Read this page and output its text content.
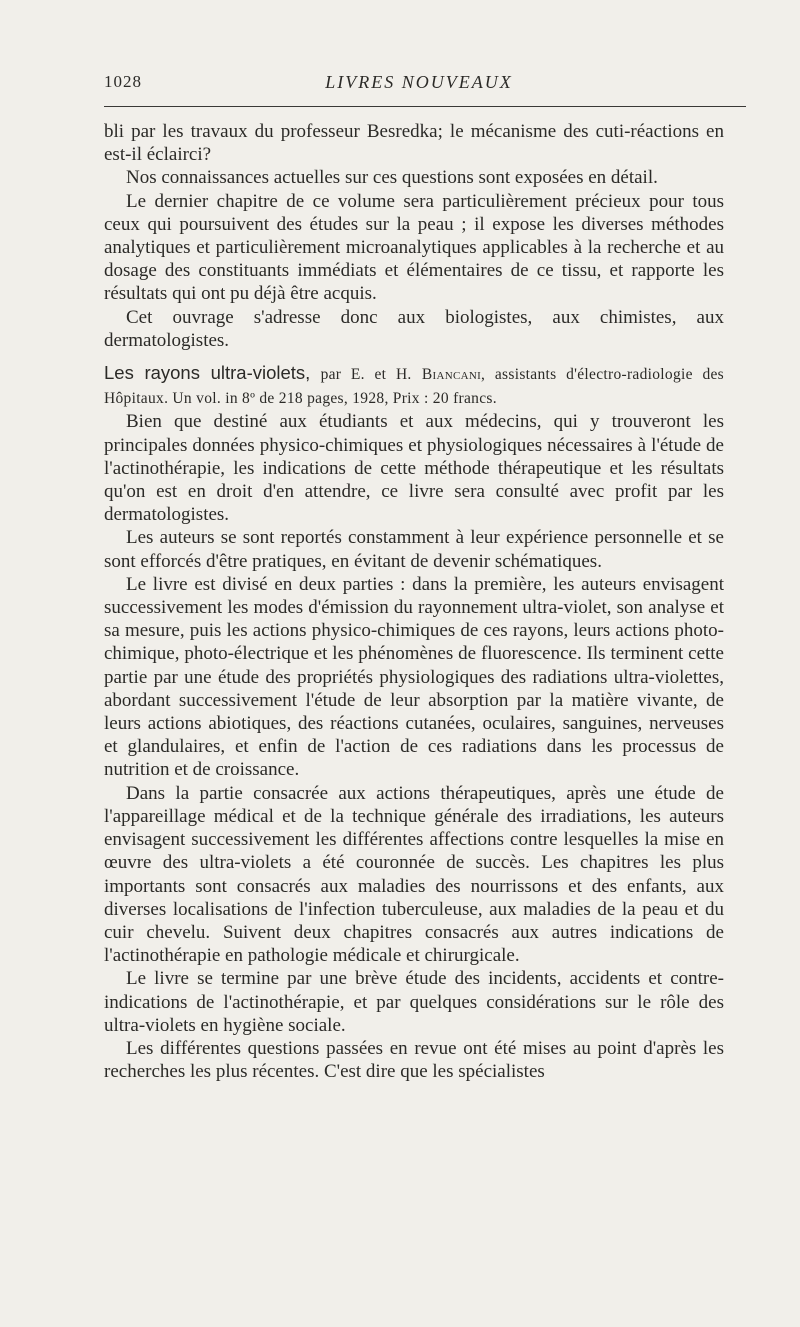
1028	LIVRES NOUVEAUX

bli par les travaux du professeur Besredka; le mécanisme des cuti-réactions en est-il éclairci?

Nos connaissances actuelles sur ces questions sont exposées en détail.

Le dernier chapitre de ce volume sera particulièrement précieux pour tous ceux qui poursuivent des études sur la peau ; il expose les diverses méthodes analytiques et particulièrement microanalytiques applicables à la recherche et au dosage des constituants immédiats et élémentaires de ce tissu, et rapporte les résultats qui ont pu déjà être acquis.

Cet ouvrage s'adresse donc aux biologistes, aux chimistes, aux dermatologistes.

Les rayons ultra-violets, par E. et H. Biancani, assistants d'électro-radiologie des Hôpitaux. Un vol. in 8º de 218 pages, 1928, Prix : 20 francs.

Bien que destiné aux étudiants et aux médecins, qui y trouveront les principales données physico-chimiques et physiologiques nécessaires à l'étude de l'actinothérapie, les indications de cette méthode thérapeutique et les résultats qu'on est en droit d'en attendre, ce livre sera consulté avec profit par les dermatologistes.

Les auteurs se sont reportés constamment à leur expérience personnelle et se sont efforcés d'être pratiques, en évitant de devenir schématiques.

Le livre est divisé en deux parties : dans la première, les auteurs envisagent successivement les modes d'émission du rayonnement ultra-violet, son analyse et sa mesure, puis les actions physico-chimiques de ces rayons, leurs actions photo-chimique, photo-électrique et les phénomènes de fluorescence. Ils terminent cette partie par une étude des propriétés physiologiques des radiations ultra-violettes, abordant successivement l'étude de leur absorption par la matière vivante, de leurs actions abiotiques, des réactions cutanées, oculaires, sanguines, nerveuses et glandulaires, et enfin de l'action de ces radiations dans les processus de nutrition et de croissance.

Dans la partie consacrée aux actions thérapeutiques, après une étude de l'appareillage médical et de la technique générale des irradiations, les auteurs envisagent successivement les différentes affections contre lesquelles la mise en œuvre des ultra-violets a été couronnée de succès. Les chapitres les plus importants sont consacrés aux maladies des nourrissons et des enfants, aux diverses localisations de l'infection tuberculeuse, aux maladies de la peau et du cuir chevelu. Suivent deux chapitres consacrés aux autres indications de l'actinothérapie en pathologie médicale et chirurgicale.

Le livre se termine par une brève étude des incidents, accidents et contre-indications de l'actinothérapie, et par quelques considérations sur le rôle des ultra-violets en hygiène sociale.

Les différentes questions passées en revue ont été mises au point d'après les recherches les plus récentes. C'est dire que les spécialistes
